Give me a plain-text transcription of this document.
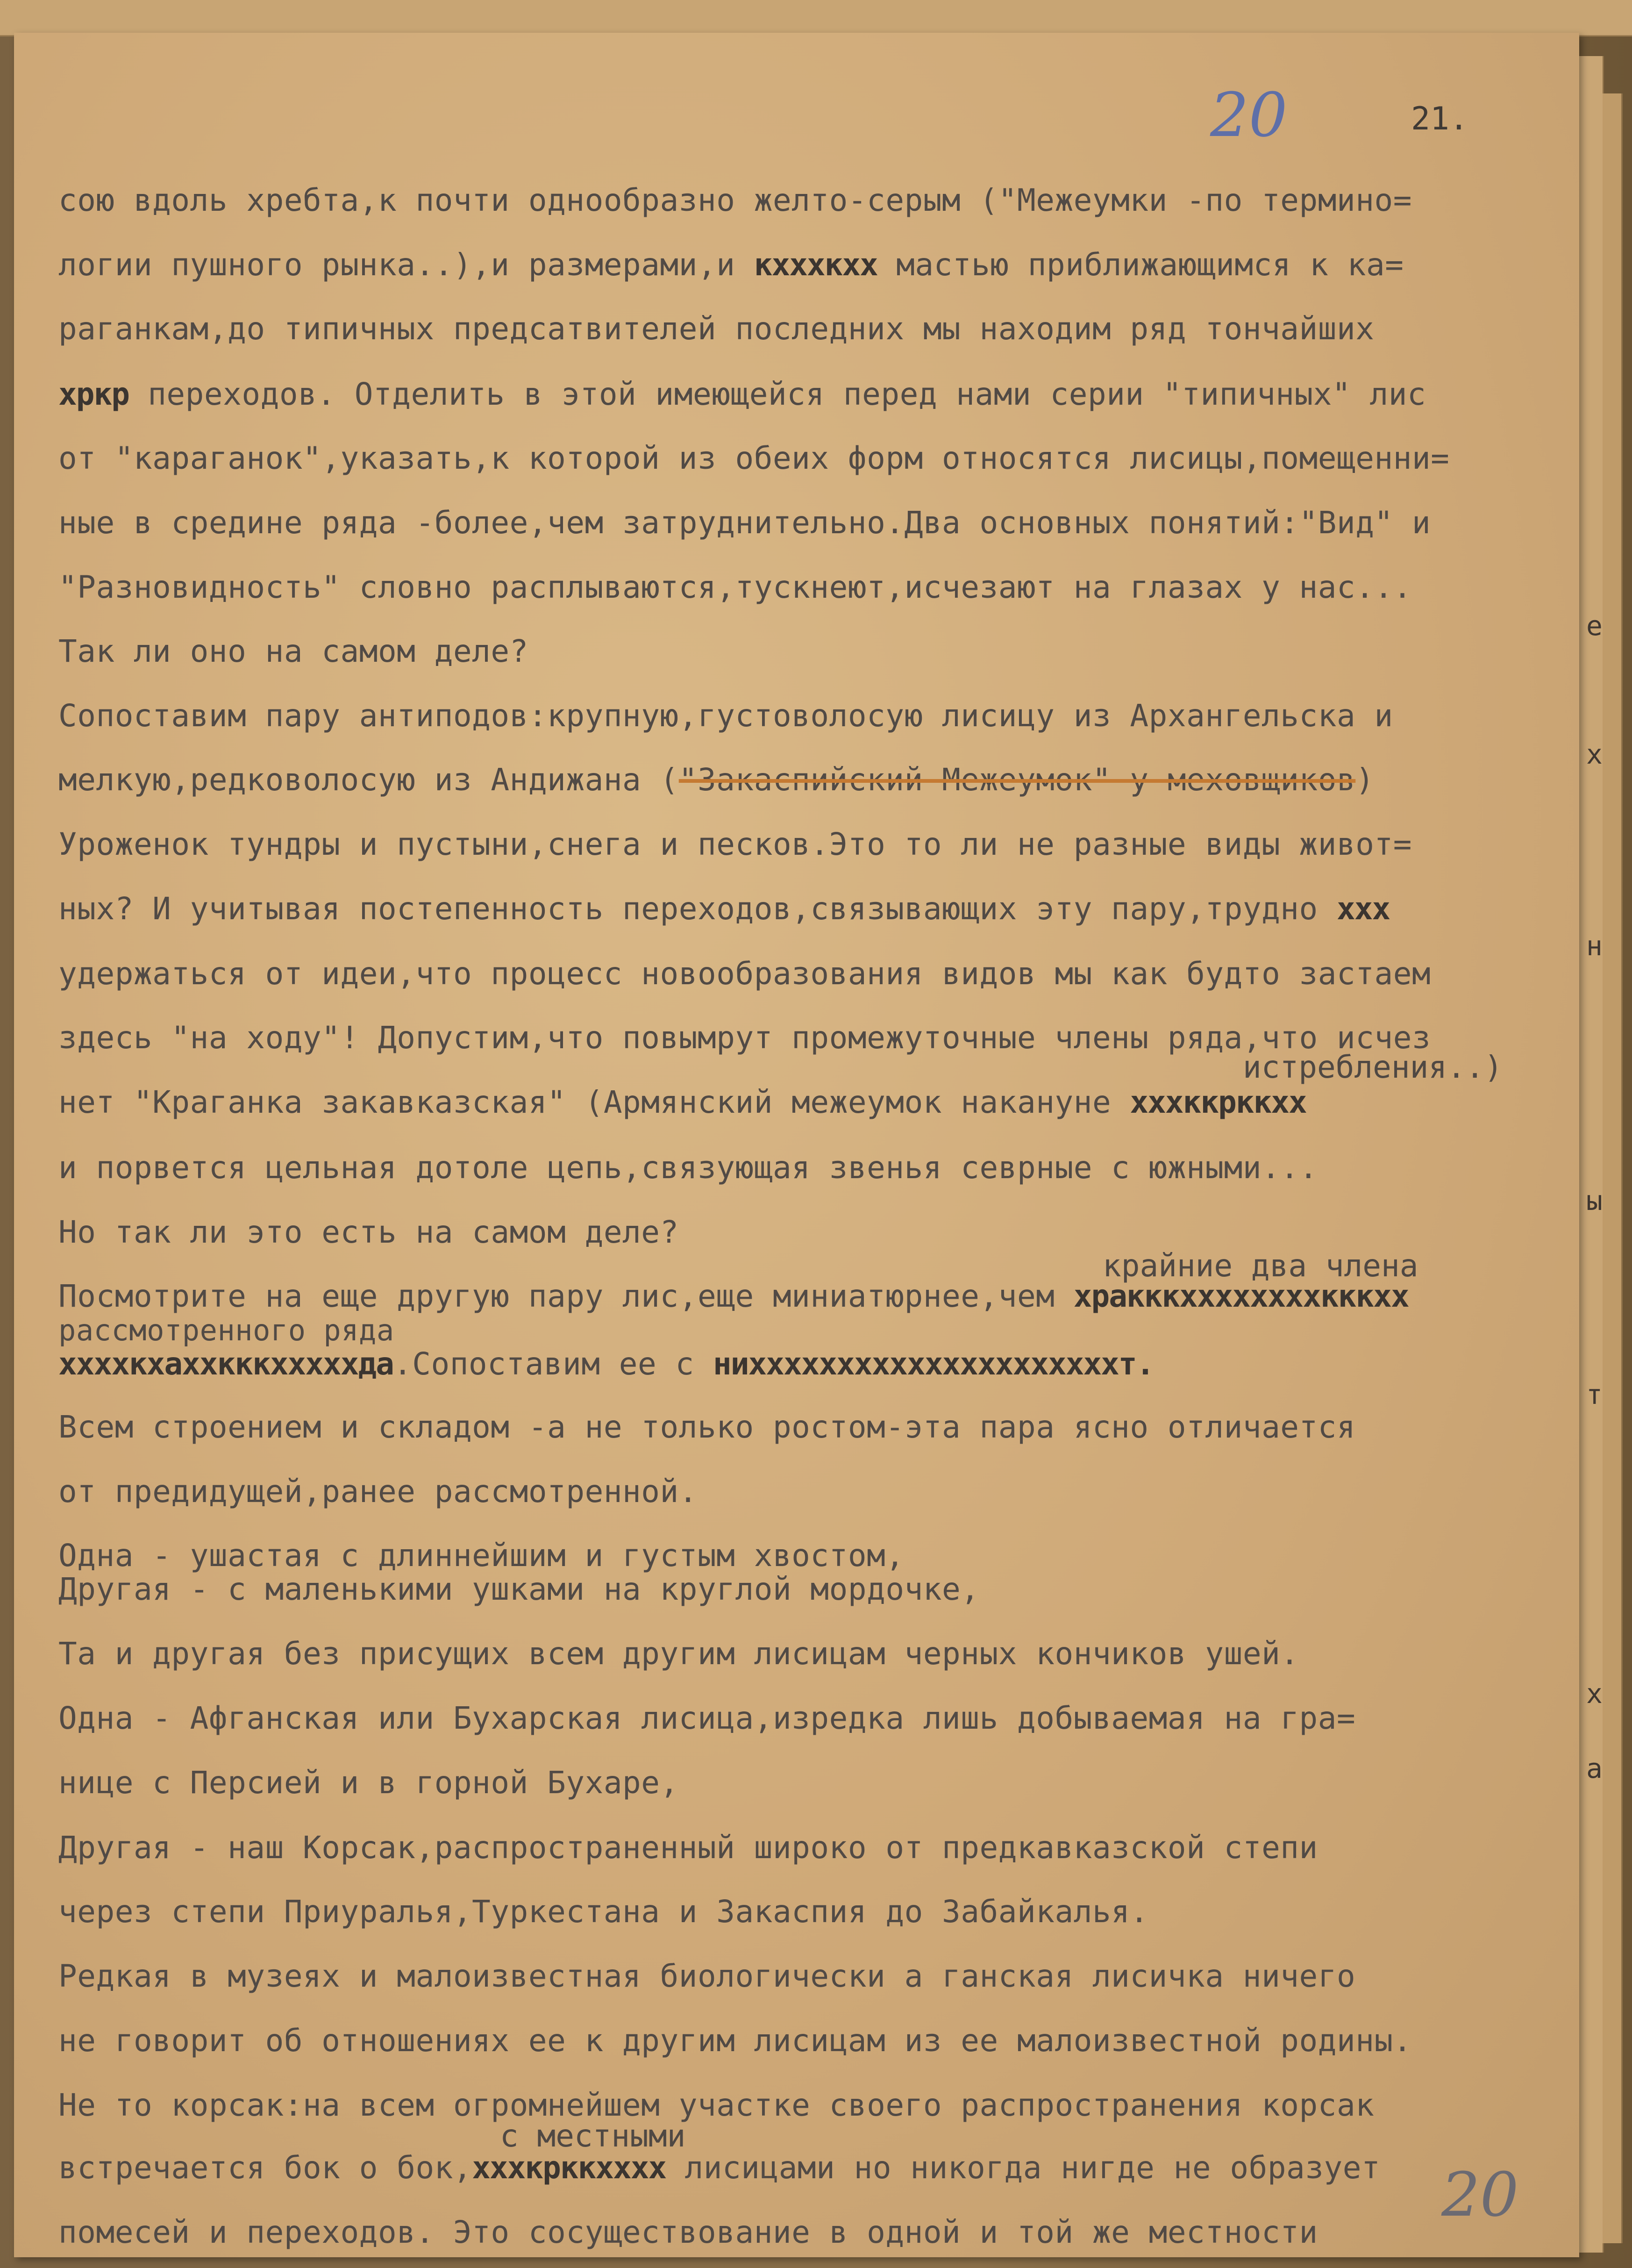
20	21.
сою вдоль хребта,к почти однообразно желто-серым ("Межеумки -по термино=
логии пушного рынка..),и размерами,и кхххкхх мастью приближающимся к ка=
раганкам,до типичных предсатвителей последних мы находим ряд тончайших
хркр переходов. Отделить в этой имеющейся перед нами серии "типичных" лис
от "караганок",указать,к которой из обеих форм относятся лисицы,помещенни=
ные в средине ряда -более,чем затруднительно.Два основных понятий:"Вид" и
"Разновидность" словно расплываются,тускнеют,исчезают на глазах у нас...
Так ли оно на самом деле?
Сопоставим пару антиподов:крупную,густоволосую лисицу из Архангельска и
мелкую,редковолосую из Андижана ("Закаспийский Межеумок" у меховщиков)
Уроженок тундры и пустыни,снега и песков.Это то ли не разные виды живот=
ных? И учитывая постепенность переходов,связывающих эту пару,трудно ххх
удержаться от идеи,что процесс новообразования видов мы как будто застаем
здесь "на ходу"! Допустим,что повымрут промежуточные члены ряда,что исчез
истребления..)
нет "Краганка закавказская" (Армянский межеумок накануне хххккрккхх
и порвется цельная дотоле цепь,связующая звенья севрные с южными...
Но так ли это есть на самом деле?
крайние два члена
Посмотрите на еще другую пару лис,еще миниатюрнее,чем хракккххххххххкккхх
рассмотренного ряда
ххххкхаххкккхххххда.Сопоставим ее с нихххххххххххххххххххххт.
Всем строением и складом -а не только ростом-эта пара ясно отличается
от предидущей,ранее рассмотренной.
Одна - ушастая с длиннейшим и густым хвостом,
Другая - с маленькими ушками на круглой мордочке,
Та и другая без присущих всем другим лисицам черных кончиков ушей.
Одна - Афганская или Бухарская лисица,изредка лишь добываемая на гра=
нице с Персией и в горной Бухаре,
Другая - наш Корсак,распространенный широко от предкавказской степи
через степи Приуралья,Туркестана и Закаспия до Забайкалья.
Редкая в музеях и малоизвестная биологически а ганская лисичка ничего
не говорит об отношениях ее к другим лисицам из ее малоизвестной родины.
Не то корсак:на всем огромнейшем участке своего распространения корсак
с местными
встречается бок о бок,хххкрккхххх лисицами но никогда нигде не образует
помесей и переходов. Это сосуществование в одной и той же местности
20
е
х
н
ы
т
х
а
